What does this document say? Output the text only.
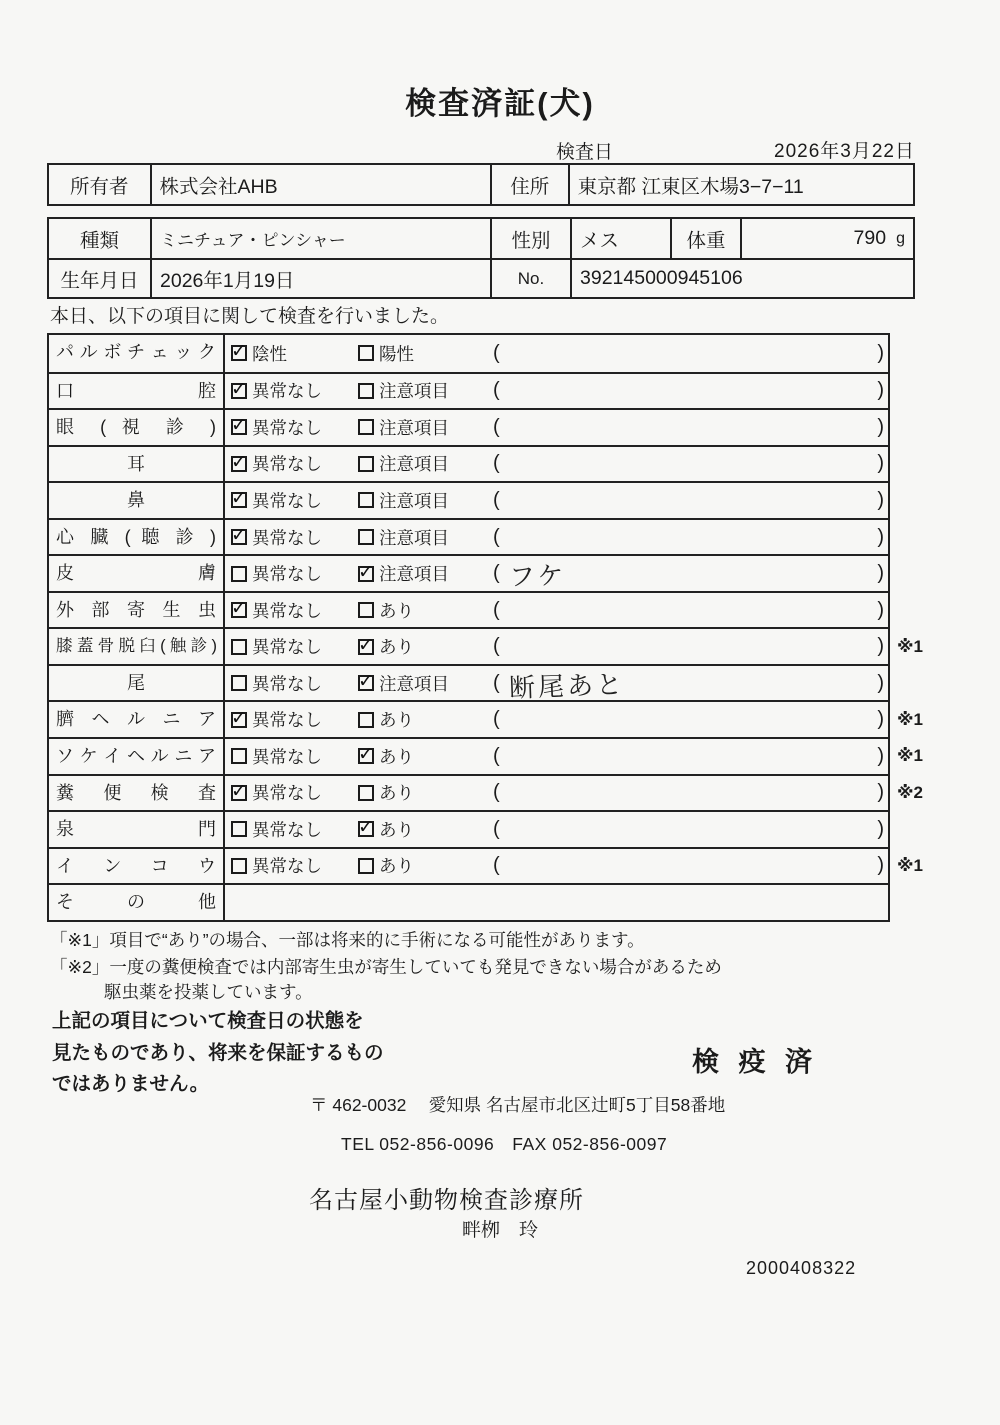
検査済証(犬)
検査日	2026年3月22日
所有者	株式会社AHB	住所	東京都 江東区木場3−7−11
種類	ミニチュア・ピンシャー	性別	メス	体重	790 g
生年月日	2026年1月19日	No.	392145000945106
本日、以下の項目に関して検査を行いました。
パ ル ボ チ ェ ッ ク ✓	陰性	陽性	(	)
口 腔 ✓	異常なし	注意項目 (	)
眼 ( 視 診 ) ✓	異常なし	注意項目 (	)
耳 ✓	異常なし	注意項目 (	)
鼻 ✓	異常なし	注意項目 (	)
心 臓 ( 聴 診 ) ✓	異常なし	注意項目 (	)
皮 膚	異常なし ✓	注意項目 ( フケ	)
外 部 寄 生 虫 ✓	異常なし	あり	(	)
膝蓋骨脱臼(触診)	異常なし ✓	あり	(	) ※1
尾	異常なし ✓	注意項目 ( 断尾あと	)
臍 ヘ ル ニ ア ✓	異常なし	あり	(	) ※1
ソ ケ イ ヘ ル ニ ア	異常なし ✓	あり	(	) ※1
糞 便 検 査 ✓	異常なし	あり	(	) ※2
泉 門	異常なし ✓	あり	(	)
イ ン コ ウ	異常なし	あり	(	) ※1
そ の 他
「※1」項目で“あり”の場合、一部は将来的に手術になる可能性があります。
「※2」一度の糞便検査では内部寄生虫が寄生していても発見できない場合があるため
駆虫薬を投薬しています。
上記の項目について検査日の状態を
見たものであり、将来を保証するもの
ではありません。
検 疫 済
〒 462-0032　 愛知県 名古屋市北区辻町5丁目58番地
TEL 052-856-0096　FAX 052-856-0097
名古屋小動物検査診療所
畔栁　玲
2000408322
